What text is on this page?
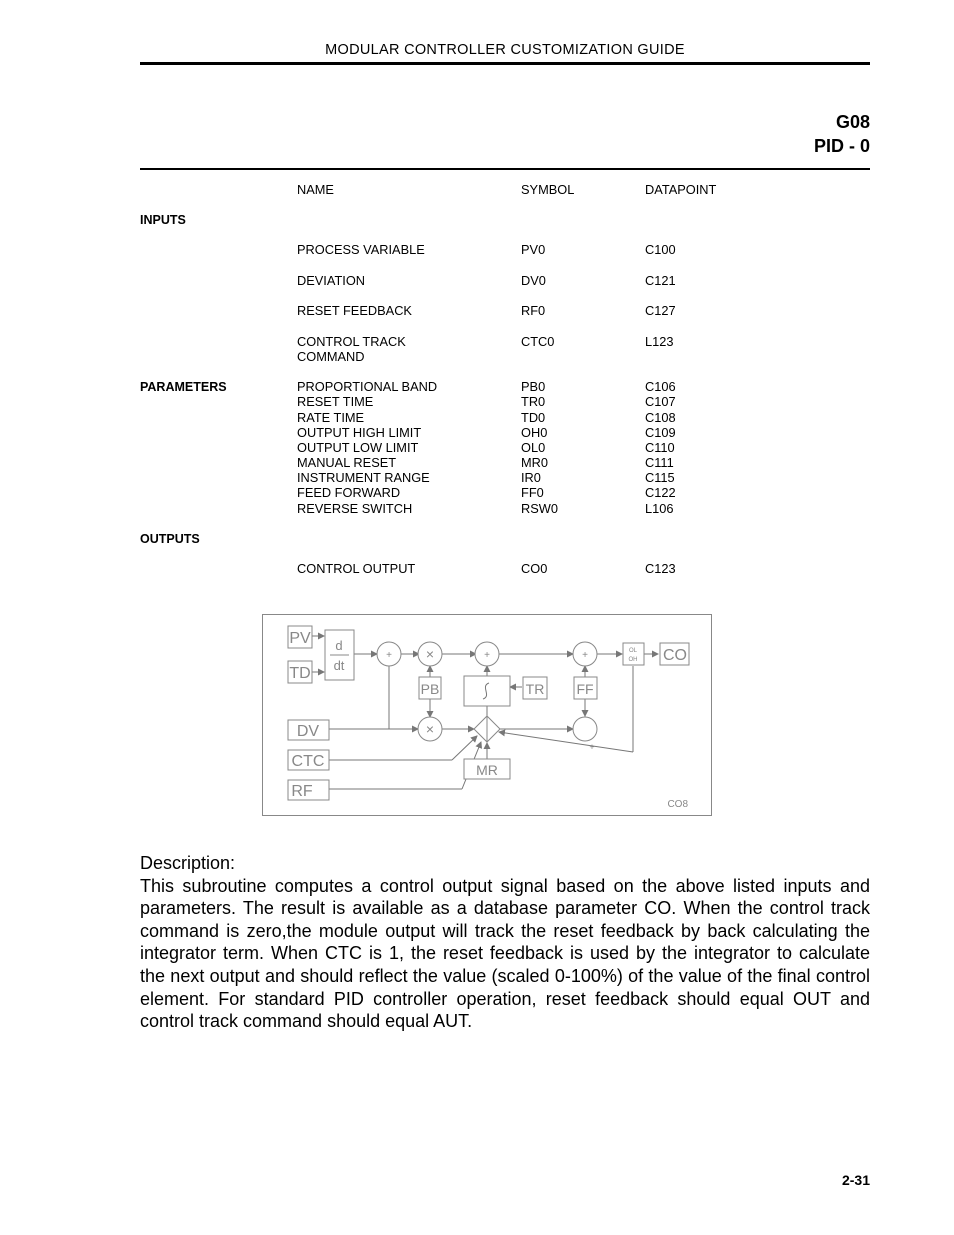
MODULAR CONTROLLER CUSTOMIZATION GUIDE
G08
PID - 0
NAME	SYMBOL	DATAPOINT
INPUTS
PROCESS VARIABLE	PV0	C100
DEVIATION	DV0	C121
RESET FEEDBACK	RF0	C127
CONTROL TRACK
COMMAND
CTC0	L123
PARAMETERS	PROPORTIONAL BAND	PB0	C106
RESET TIME	TR0	C107
RATE TIME	TD0	C108
OUTPUT HIGH LIMIT	OH0	C109
OUTPUT LOW LIMIT	OL0	C110
MANUAL RESET	MR0	C111
INSTRUMENT RANGE	IR0	C115
FEED FORWARD	FF0	C122
REVERSE SWITCH	RSW0	L106
OUTPUTS
CONTROL OUTPUT	CO0	C123
PV
TD
d
dt
DV
CTC
RF
PB	TR FF
MR
CO
OL
OH
+ ×	+	+
×
+
CO8

Description:

This subroutine computes a control output signal based on the above listed inputs and parameters. The result is available as a database parameter CO. When the control track command is zero,the module output will track the reset feedback by back calculating the integrator term. When CTC is 1, the reset feedback is used by the integrator to calculate the next output and should reflect the value (scaled 0-100%) of the value of the final control element. For standard PID controller operation, reset feedback should equal OUT and control track command should equal AUT.

2-31
